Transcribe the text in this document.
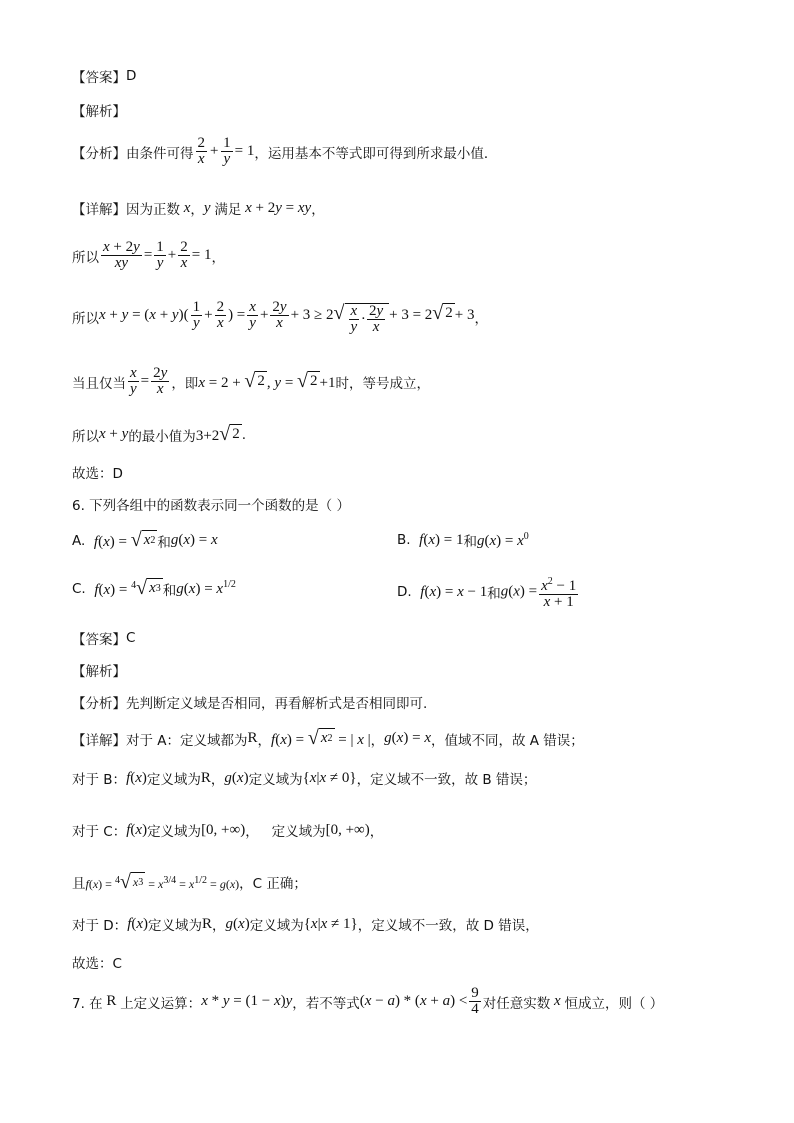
【答案】 D
【解析】
【分析】 由条件可得 $\frac{2}{x} + \frac{1}{y} = 1$ ，运用基本不等式即可得到所求最小值．
【详解】 因为正数 x ， y 满足 x + 2y = xy ，
所以 $\frac{x + 2y}{xy} = \frac{1}{y} + \frac{2}{x} = 1$ ，
所以 $x + y = (x + y)( \frac{1}{y} + \frac{2}{x}$ ) = $\frac{x}{y} + \frac{2y}{x} + 3 \ge 2$ √ $\frac{x}{y} \cdot \frac{2y}{x} + 3 = 2$ √ 2 + 3 ，
当且仅当 $\frac{x}{y} = \frac{2y}{x}$ ，即 x = 2 + √ 2 , y = √ 2 +1 时，等号成立，
所以 x + y 的最小值为 3+2 √ 2 .
故选：D
6. 下列各组中的函数表示同一个函数的是（ ）
A.
f(x) = √ x 2 和 g(x) = x	B.
f(x) = 1 和 $g(x) = x^0$
C.
f(x) = $^4$ √ x 3 和 $g(x) = x^{1/2}$	D.
f(x) = x − 1 和 $g(x) = \frac{x^2 - 1}{x + 1}$
【答案】 C
【解析】
【分析】 先判断定义域是否相同，再看解析式是否相同即可.
【详解】 对于 A：定义域都为 R ， f(x) = √ x 2 = | x | ， g(x) = x ，值域不同，故 A 错误；
对于 B： f(x) 定义域为 R ， g(x) 定义域为 {x|x ≠ 0} ，定义域不一致，故 B 错误；
对于 C： f(x) 定义域为 [0, +∞) ， 定义域为 [0, +∞) ，
且 f(x) = $^4$ √ x $3 = x^{3/4} = x^{1/2} = g(x)$ ，C 正确；
对于 D： f(x) 定义域为 R ， g(x) 定义域为 {x|x ≠ 1} ，定义域不一致，故 D 错误，
故选：C
7. 在 R 上定义运算： x * y = (1 − x)y ，若不等式 $(x - a) * (x + a) < \frac{9}{4}$ 对任意实数 x 恒成立，则（ ）
